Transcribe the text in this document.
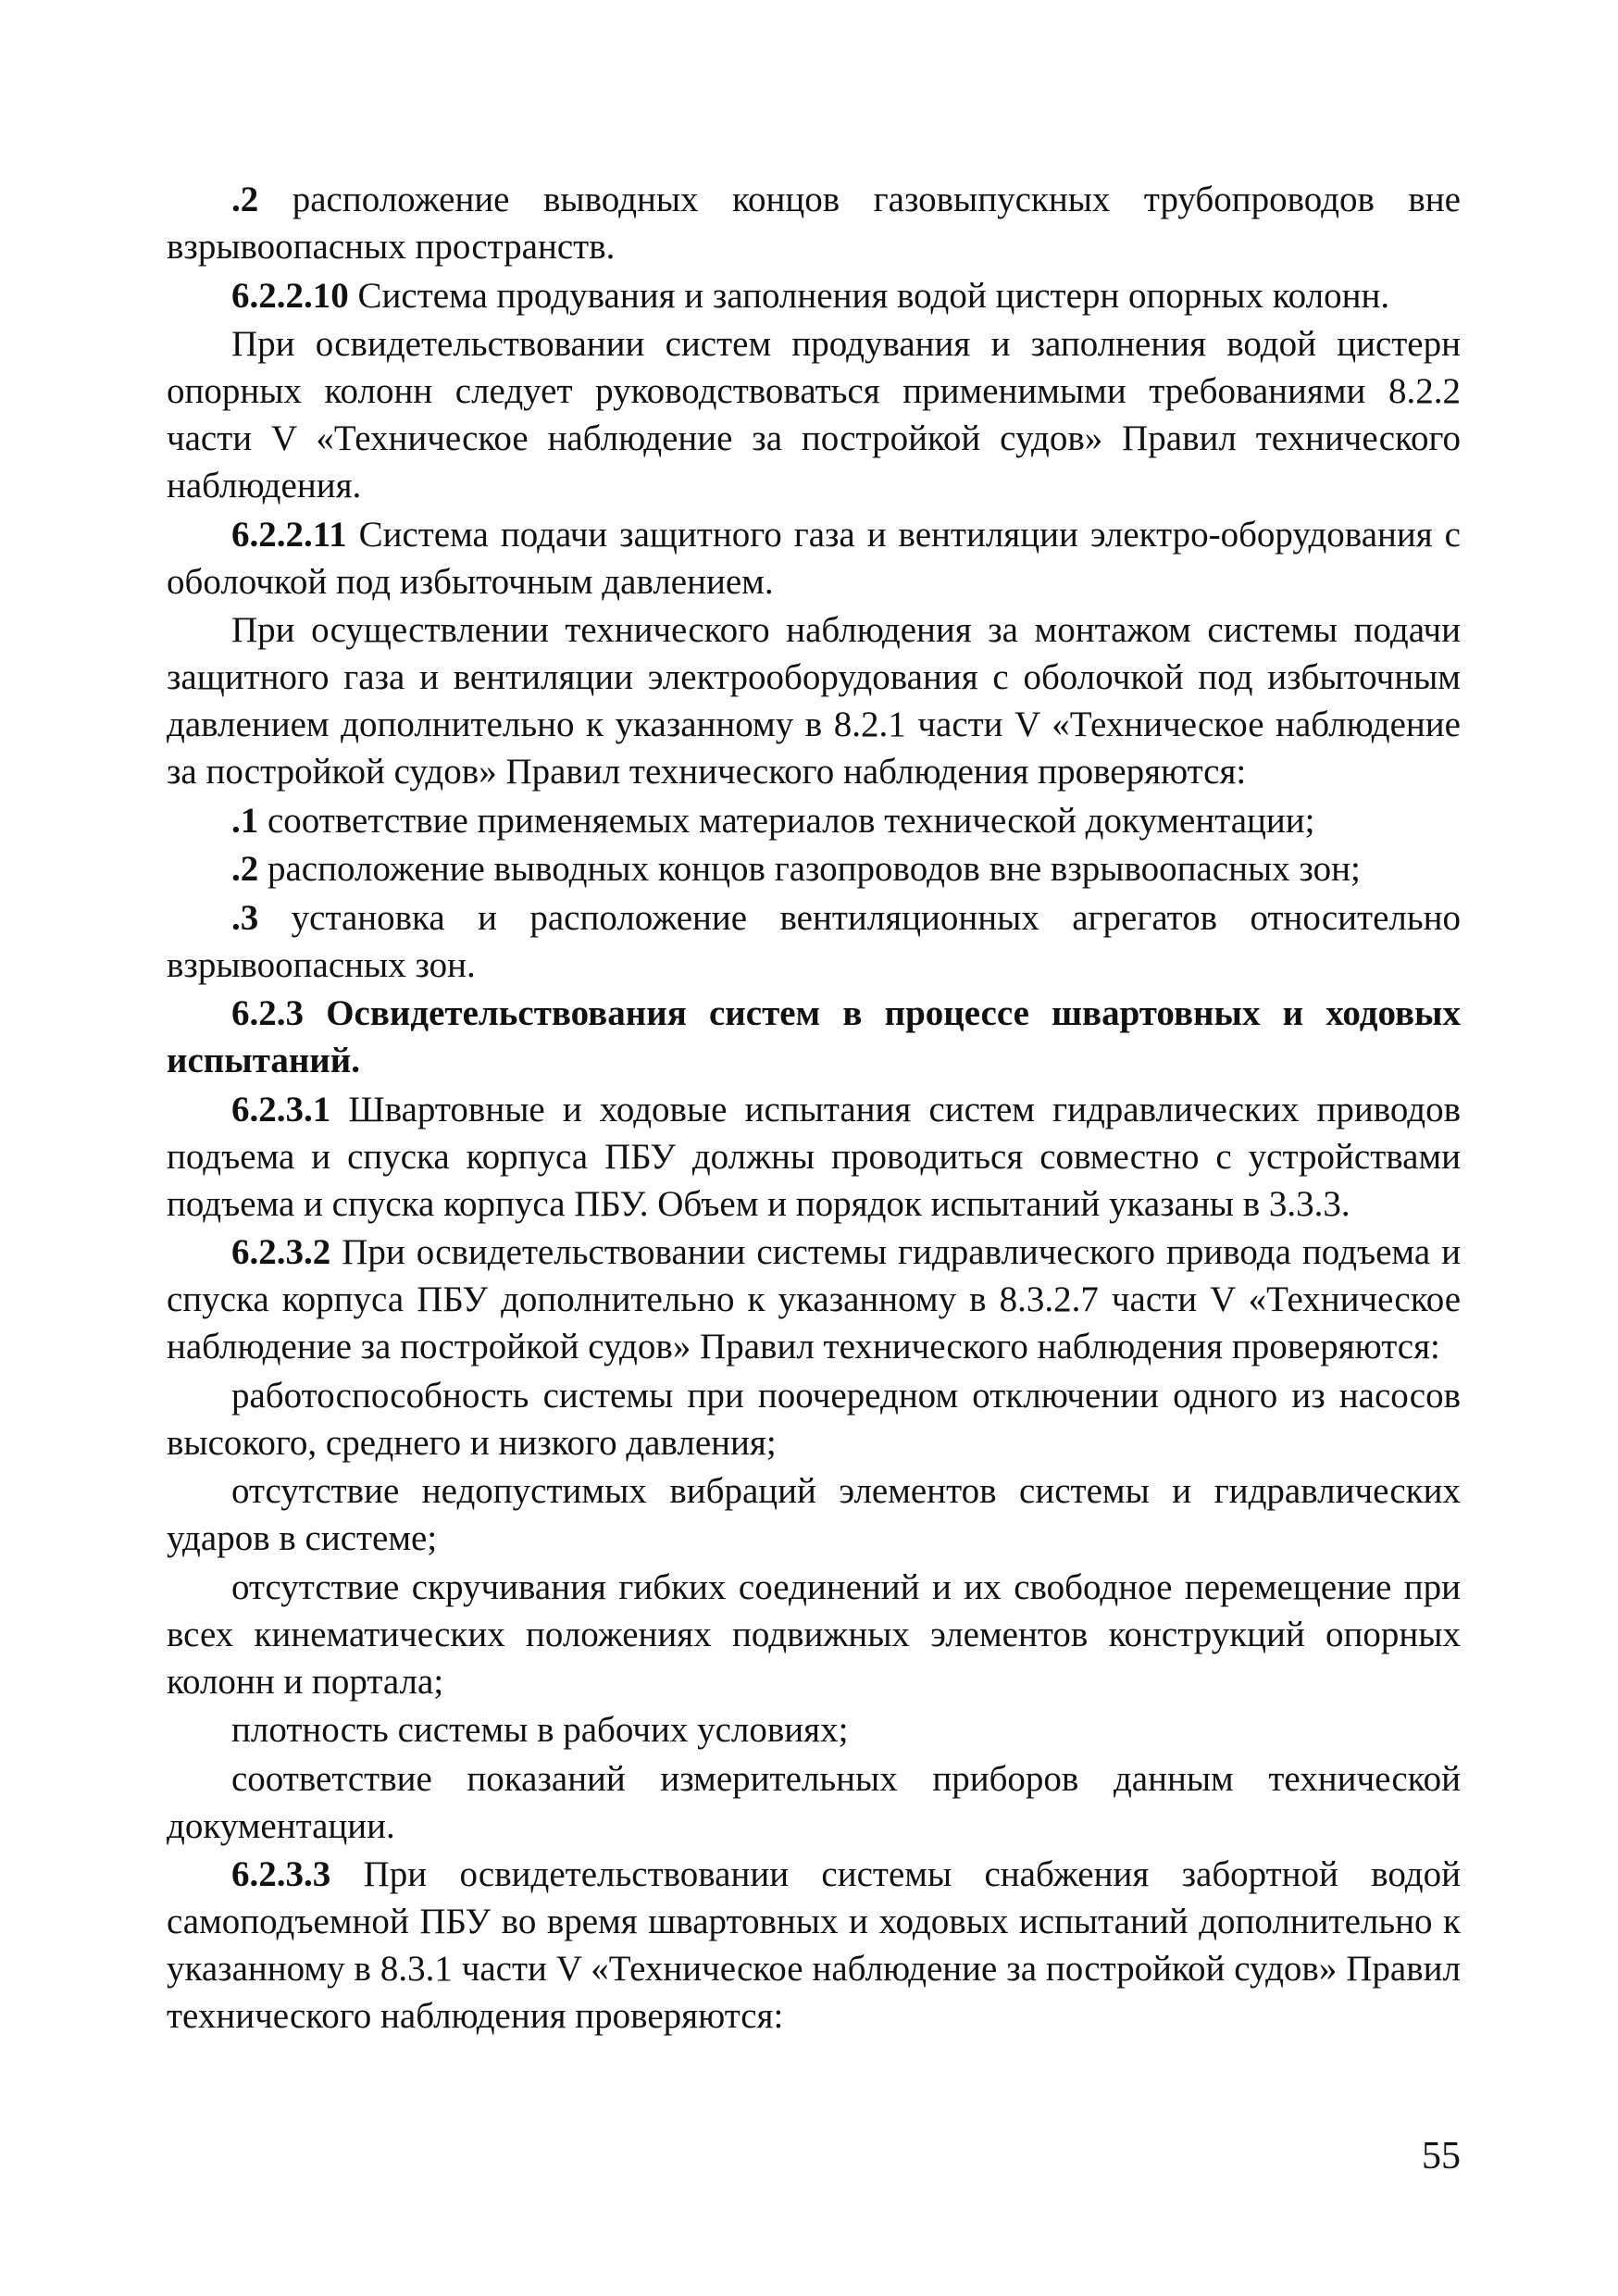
.2 расположение выводных концов газовыпускных трубопроводов вне взрывоопасных пространств.

6.2.2.10 Система продувания и заполнения водой цистерн опорных колонн.

При освидетельствовании систем продувания и заполнения водой цистерн опорных колонн следует руководствоваться применимыми требованиями 8.2.2 части V «Техническое наблюдение за постройкой судов» Правил технического наблюдения.

6.2.2.11 Система подачи защитного газа и вентиляции электро-оборудования с оболочкой под избыточным давлением.

При осуществлении технического наблюдения за монтажом системы подачи защитного газа и вентиляции электрооборудования с оболочкой под избыточным давлением дополнительно к указанному в 8.2.1 части V «Техническое наблюдение за постройкой судов» Правил технического наблюдения проверяются:

.1 соответствие применяемых материалов технической документации;

.2 расположение выводных концов газопроводов вне взрывоопасных зон;

.3 установка и расположение вентиляционных агрегатов относительно взрывоопасных зон.

6.2.3 Освидетельствования систем в процессе швартовных и ходовых испытаний.

6.2.3.1 Швартовные и ходовые испытания систем гидравлических приводов подъема и спуска корпуса ПБУ должны проводиться совместно с устройствами подъема и спуска корпуса ПБУ. Объем и порядок испытаний указаны в 3.3.3.

6.2.3.2 При освидетельствовании системы гидравлического привода подъема и спуска корпуса ПБУ дополнительно к указанному в 8.3.2.7 части V «Техническое наблюдение за постройкой судов» Правил технического наблюдения проверяются:

работоспособность системы при поочередном отключении одного из насосов высокого, среднего и низкого давления;

отсутствие недопустимых вибраций элементов системы и гидравлических ударов в системе;

отсутствие скручивания гибких соединений и их свободное перемещение при всех кинематических положениях подвижных элементов конструкций опорных колонн и портала;

плотность системы в рабочих условиях;

соответствие показаний измерительных приборов данным технической документации.

6.2.3.3 При освидетельствовании системы снабжения забортной водой самоподъемной ПБУ во время швартовных и ходовых испытаний дополнительно к указанному в 8.3.1 части V «Техническое наблюдение за постройкой судов» Правил технического наблюдения проверяются:

55
